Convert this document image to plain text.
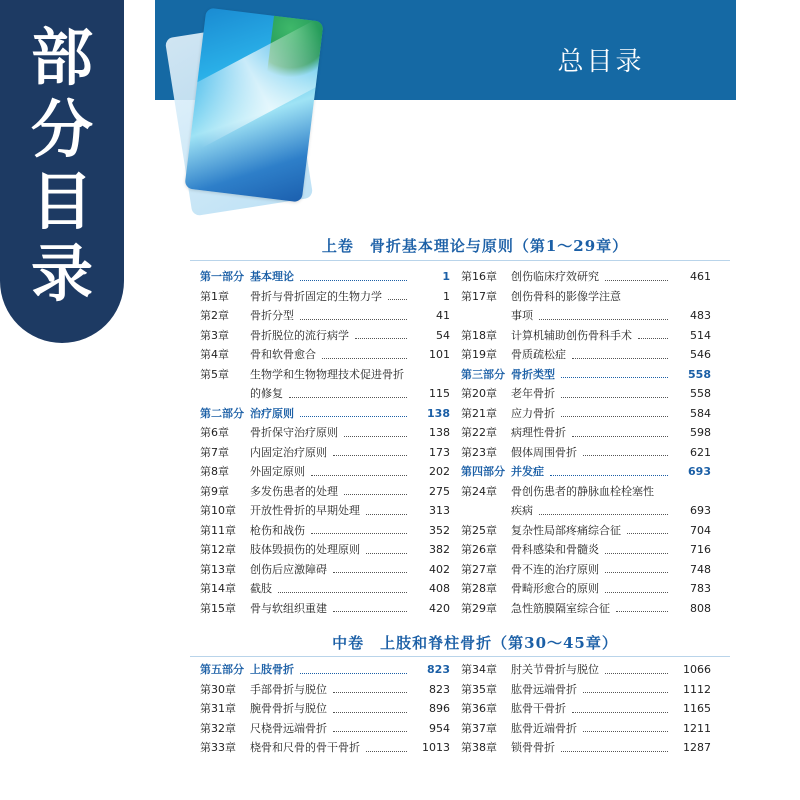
部
分
目
录
总目录
上卷　骨折基本理论与原则（第1～29章）
第一部分 基本理论	1
第1章	骨折与骨折固定的生物力学	1
第2章	骨折分型	41
第3章	骨折脱位的流行病学	54
第4章	骨和软骨愈合	101
第5章	生物学和生物物理技术促进骨折
的修复	115
第二部分 治疗原则	138
第6章	骨折保守治疗原则	138
第7章	内固定治疗原则	173
第8章	外固定原则	202
第9章	多发伤患者的处理	275
第10章	开放性骨折的早期处理	313
第11章	枪伤和战伤	352
第12章	肢体毁损伤的处理原则	382
第13章	创伤后应激障碍	402
第14章	截肢	408
第15章	骨与软组织重建	420
第16章	创伤临床疗效研究	461
第17章	创伤骨科的影像学注意
事项	483
第18章	计算机辅助创伤骨科手术	514
第19章	骨质疏松症	546
第三部分 骨折类型	558
第20章	老年骨折	558
第21章	应力骨折	584
第22章	病理性骨折	598
第23章	假体周围骨折	621
第四部分 并发症	693
第24章	骨创伤患者的静脉血栓栓塞性
疾病	693
第25章	复杂性局部疼痛综合征	704
第26章	骨科感染和骨髓炎	716
第27章	骨不连的治疗原则	748
第28章	骨畸形愈合的原则	783
第29章	急性筋膜隔室综合征	808
中卷　上肢和脊柱骨折（第30～45章）
第五部分 上肢骨折	823
第30章	手部骨折与脱位	823
第31章	腕骨骨折与脱位	896
第32章	尺桡骨远端骨折	954
第33章	桡骨和尺骨的骨干骨折	1013
第34章	肘关节骨折与脱位	1066
第35章	肱骨远端骨折	1112
第36章	肱骨干骨折	1165
第37章	肱骨近端骨折	1211
第38章	锁骨骨折	1287
